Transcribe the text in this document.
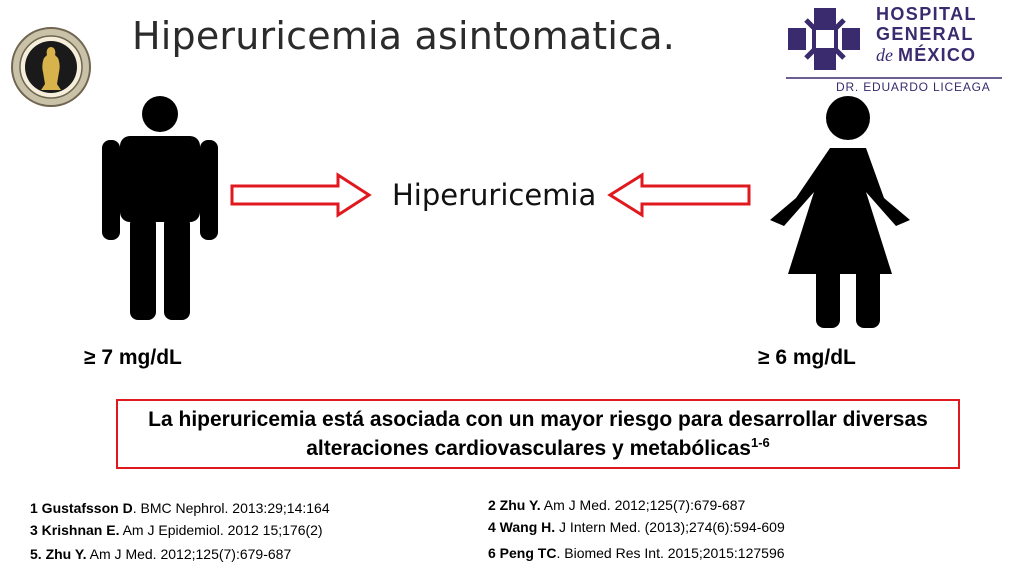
Hiperuricemia asintomatica.	HOSPITAL
GENERAL
de MÉXICO
DR. EDUARDO LICEAGA
Hiperuricemia
≥ 7 mg/dL	≥ 6 mg/dL
La hiperuricemia está asociada con un mayor riesgo para desarrollar diversas
alteraciones cardiovasculares y metabólicas$^{1-6}$
1 Gustafsson D. BMC Nephrol. 2013:29;14:164	2 Zhu Y. Am J Med. 2012;125(7):679-687
3 Krishnan E. Am J Epidemiol. 2012 15;176(2)	4 Wang H. J Intern Med. (2013);274(6):594-609
5. Zhu Y. Am J Med. 2012;125(7):679-687	6 Peng TC. Biomed Res Int. 2015;2015:127596
